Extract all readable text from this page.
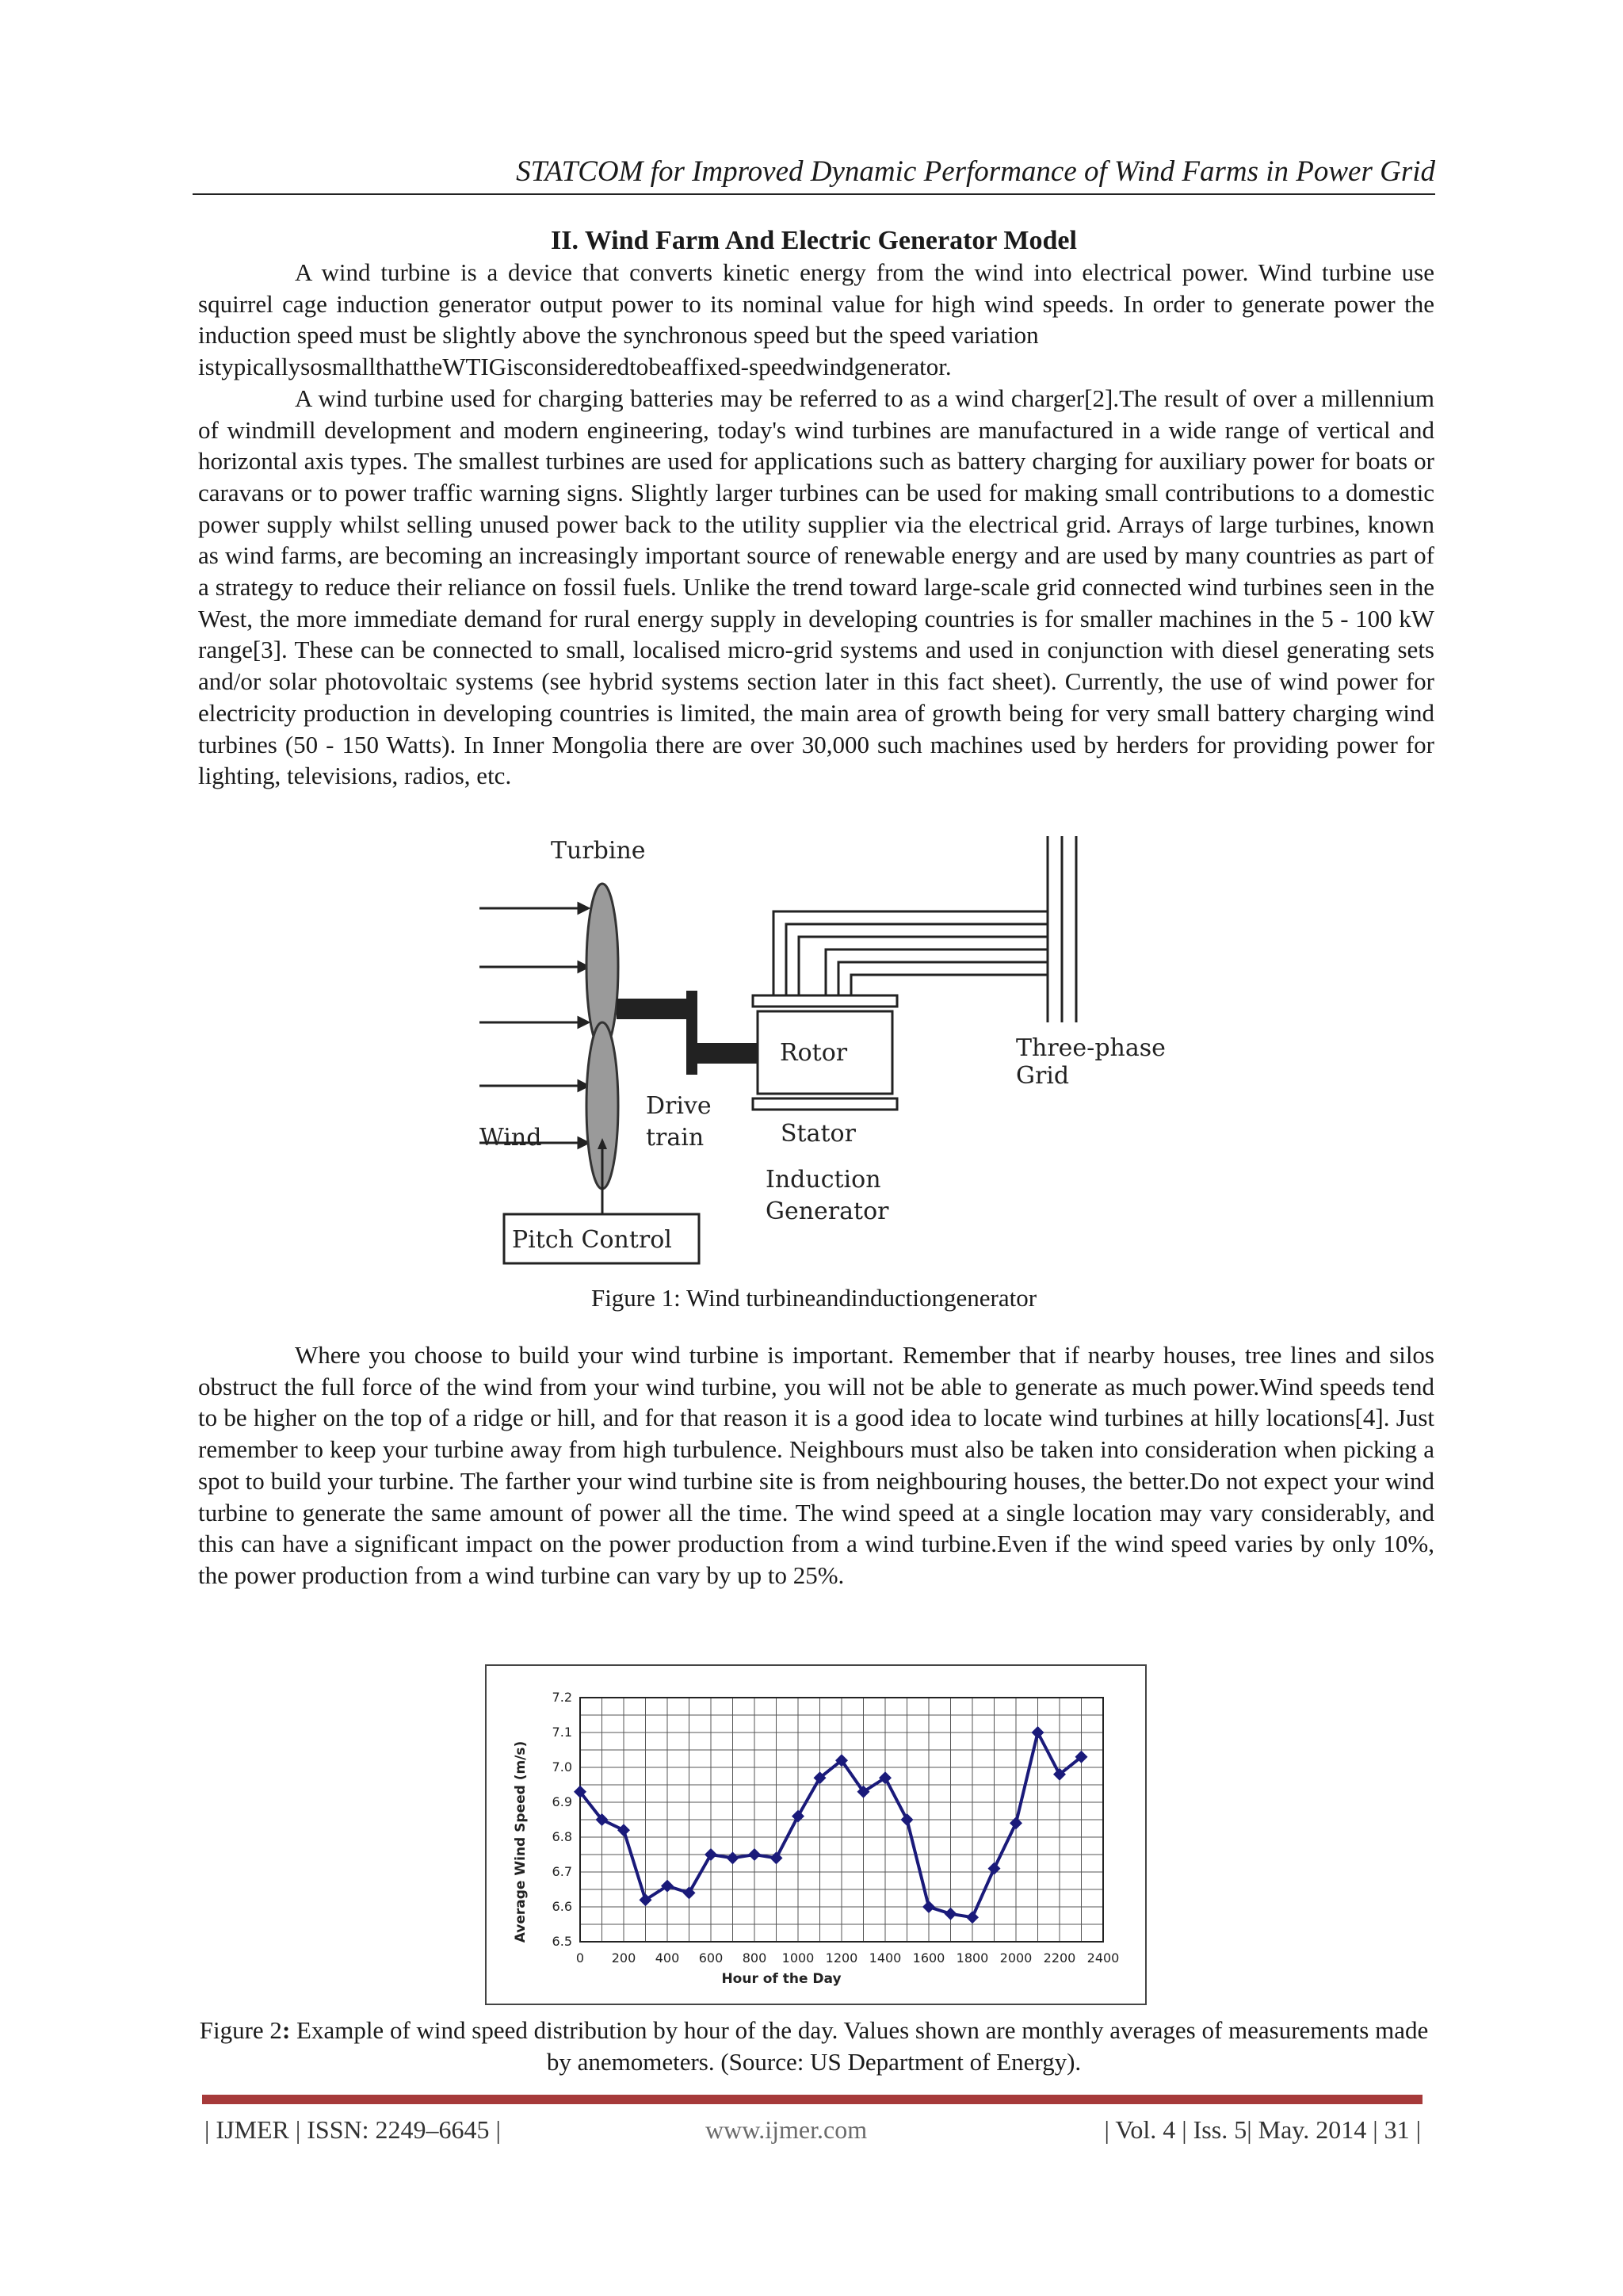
STATCOM for Improved Dynamic Performance of Wind Farms in Power Grid
II. Wind Farm And Electric Generator Model

A wind turbine is a device that converts kinetic energy from the wind into electrical power. Wind turbine use squirrel cage induction generator output power to its nominal value for high wind speeds. In order to generate power the induction speed must be slightly above the synchronous speed but the speed variation

istypicallysosmallthattheWTIGisconsideredtobeaffixed-speedwindgenerator.

A wind turbine used for charging batteries may be referred to as a wind charger[2].The result of over a millennium of windmill development and modern engineering, today's wind turbines are manufactured in a wide range of vertical and horizontal axis types. The smallest turbines are used for applications such as battery charging for auxiliary power for boats or caravans or to power traffic warning signs. Slightly larger turbines can be used for making small contributions to a domestic power supply whilst selling unused power back to the utility supplier via the electrical grid. Arrays of large turbines, known as wind farms, are becoming an increasingly important source of renewable energy and are used by many countries as part of a strategy to reduce their reliance on fossil fuels. Unlike the trend toward large-scale grid connected wind turbines seen in the West, the more immediate demand for rural energy supply in developing countries is for smaller machines in the 5 - 100 kW range[3]. These can be connected to small, localised micro-grid systems and used in conjunction with diesel generating sets and/or solar photovoltaic systems (see hybrid systems section later in this fact sheet). Currently, the use of wind power for electricity production in developing countries is limited, the main area of growth being for very small battery charging wind turbines (50 - 150 Watts). In Inner Mongolia there are over 30,000 such machines used by herders for providing power for lighting, televisions, radios, etc.

Turbine
Wind
Drive
train
Rotor
Stator
Induction
Generator
Three-phase
Grid
Pitch Control
Figure 1: Wind turbineandinductiongenerator

Where you choose to build your wind turbine is important. Remember that if nearby houses, tree lines and silos obstruct the full force of the wind from your wind turbine, you will not be able to generate as much power.Wind speeds tend to be higher on the top of a ridge or hill, and for that reason it is a good idea to locate wind turbines at hilly locations[4]. Just remember to keep your turbine away from high turbulence. Neighbours must also be taken into consideration when picking a spot to build your turbine. The farther your wind turbine site is from neighbouring houses, the better.Do not expect your wind turbine to generate the same amount of power all the time. The wind speed at a single location may vary considerably, and this can have a significant impact on the power production from a wind turbine.Even if the wind speed varies by only 10%, the power production from a wind turbine can vary by up to 25%.

0 200 400 600 800 1000 1200 1400 1600 1800 2000 2200 2400
6.5
6.6
6.7
6.8
6.9
7.0
7.1
7.2
Hour of the Day
Average Wind Speed (m/s)
Figure 2: Example of wind speed distribution by hour of the day. Values shown are monthly averages of measurements made by anemometers. (Source: US Department of Energy).
| IJMER | ISSN: 2249–6645 |	www.ijmer.com	| Vol. 4 | Iss. 5| May. 2014 | 31 |
